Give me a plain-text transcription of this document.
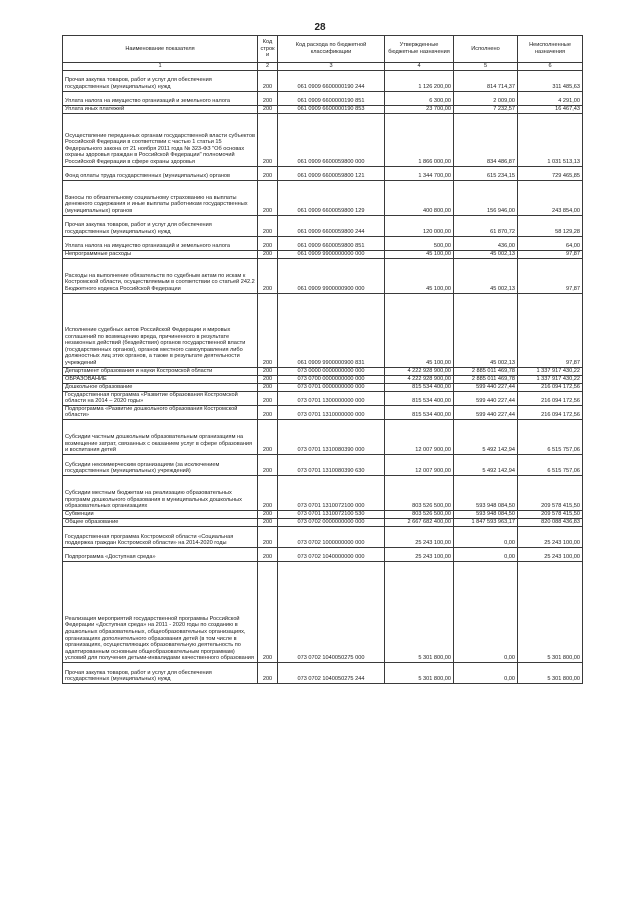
28
Наименование показателя	Код строк и	Код расхода по бюджетной классификации	Утвержденные бюджетные назначения	Исполнено	Неисполненные назначения
1	2	3	4	5	6
Прочая закупка товаров, работ и услуг для обеспечения государственных (муниципальных) нужд	200	061 0909 6600000190 244	1 126 200,00	814 714,37	311 485,63
Уплата налога на имущество организаций и земельного налога	200	061 0909 6600000190 851	6 300,00	2 009,00	4 291,00
Уплата иных платежей	200	061 0909 6600000190 853	23 700,00	7 232,57	16 467,43
Осуществление переданных органам государственной власти субъектов Российской Федерации в соответствии с частью 1 статьи 15 Федерального закона от 21 ноября 2011 года № 323-ФЗ "Об основах охраны здоровья граждан в Российской Федерации" полномочий Российской Федерации в сфере охраны здоровья	200	061 0909 6600059800 000	1 866 000,00	834 486,87	1 031 513,13
Фонд оплаты труда государственных (муниципальных) органов	200	061 0909 6600059800 121	1 344 700,00	615 234,15	729 465,85
Взносы по обязательному социальному страхованию на выплаты денежного содержания и иные выплаты работникам государственных (муниципальных) органов	200	061 0909 6600059800 129	400 800,00	156 946,00	243 854,00
Прочая закупка товаров, работ и услуг для обеспечения государственных (муниципальных) нужд	200	061 0909 6600059800 244	120 000,00	61 870,72	58 129,28
Уплата налога на имущество организаций и земельного налога	200	061 0909 6600059800 851	500,00	436,00	64,00
Непрограммные расходы	200	061 0909 9900000000 000	45 100,00	45 002,13	97,87
Расходы на выполнение обязательств по судебным актам по искам к Костромской области, осуществляемым в соответствии со статьей 242.2 Бюджетного кодекса Российской Федерации	200	061 0909 9900000900 000	45 100,00	45 002,13	97,87
Исполнение судебных актов Российской Федерации и мировых соглашений по возмещению вреда, причиненного в результате незаконных действий (бездействия) органов государственной власти (государственных органов), органов местного самоуправления либо должностных лиц этих органов, а также в результате деятельности учреждений	200	061 0909 9900000900 831	45 100,00	45 002,13	97,87
Департамент образования и науки Костромской области	200	073 0000 0000000000 000	4 222 928 900,00	2 885 011 469,78	1 337 917 430,22
ОБРАЗОВАНИЕ	200	073 0700 0000000000 000	4 222 928 900,00	2 885 011 469,78	1 337 917 430,22
Дошкольное образование	200	073 0701 0000000000 000	815 534 400,00	599 440 227,44	216 094 172,56
Государственная программа «Развитие образования Костромской области на 2014 – 2020 годы»	200	073 0701 1300000000 000	815 534 400,00	599 440 227,44	216 094 172,56
Подпрограмма «Развитие дошкольного образования Костромской области»	200	073 0701 1310000000 000	815 534 400,00	599 440 227,44	216 094 172,56
Субсидии частным дошкольным образовательным организациям на возмещение затрат, связанных с оказанием услуг в сфере образования и воспитания детей	200	073 0701 1310080390 000	12 007 900,00	5 492 142,94	6 515 757,06
Субсидии некоммерческим организациям (за исключением государственных (муниципальных) учреждений)	200	073 0701 1310080390 630	12 007 900,00	5 492 142,94	6 515 757,06
Субсидии местным бюджетам на реализацию образовательных программ дошкольного образования в муниципальных дошкольных образовательных организациях	200	073 0701 1310072100 000	803 526 500,00	593 948 084,50	209 578 415,50
Субвенции	200	073 0701 1310072100 530	803 526 500,00	593 948 084,50	209 578 415,50
Общее образование	200	073 0702 0000000000 000	2 667 682 400,00	1 847 593 963,17	820 088 436,83
Государственная программа Костромской области «Социальная поддержка граждан Костромской области» на 2014-2020 годы	200	073 0702 1000000000 000	25 243 100,00	0,00	25 243 100,00
Подпрограмма «Доступная среда»	200	073 0702 1040000000 000	25 243 100,00	0,00	25 243 100,00
Реализация мероприятий государственной программы Российской Федерации «Доступная среда» на 2011 - 2020 годы по созданию в дошкольных образовательных, общеобразовательных организациях, организациях дополнительного образования детей (в том числе в организациях, осуществляющих образовательную деятельность по адаптированным основным общеобразовательным программам) условий для получения детьми-инвалидами качественного образования	200	073 0702 1040050275 000	5 301 800,00	0,00	5 301 800,00
Прочая закупка товаров, работ и услуг для обеспечения государственных (муниципальных) нужд	200	073 0702 1040050275 244	5 301 800,00	0,00	5 301 800,00
